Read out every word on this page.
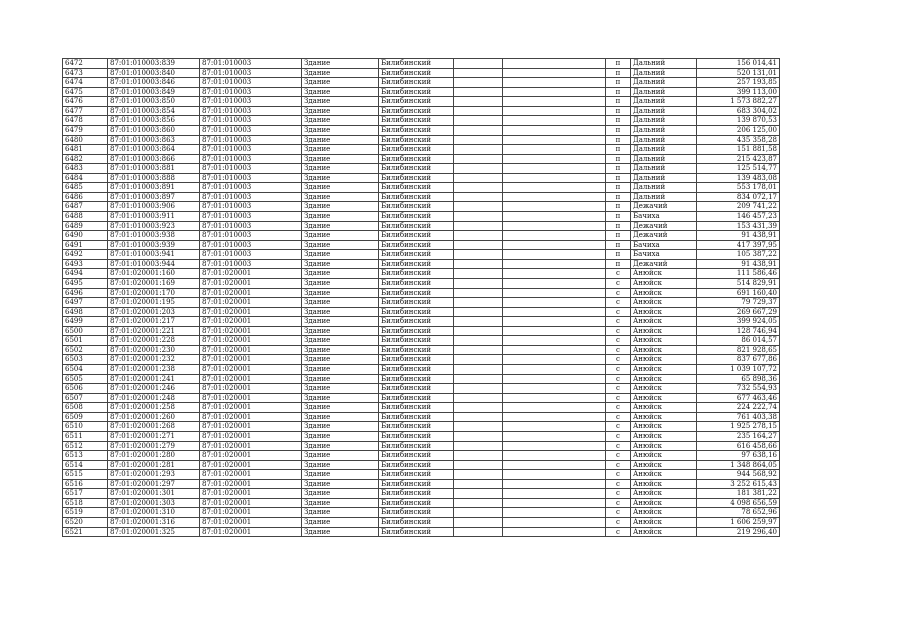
6472	87:01:010003:839	87:01:010003	Здание	Билибинский			п	Дальний	156 014,41
6473	87:01:010003:840	87:01:010003	Здание	Билибинский			п	Дальний	520 131,01
6474	87:01:010003:846	87:01:010003	Здание	Билибинский			п	Дальний	257 193,85
6475	87:01:010003:849	87:01:010003	Здание	Билибинский			п	Дальний	399 113,00
6476	87:01:010003:850	87:01:010003	Здание	Билибинский			п	Дальний	1 573 882,27
6477	87:01:010003:854	87:01:010003	Здание	Билибинский			п	Дальний	683 304,02
6478	87:01:010003:856	87:01:010003	Здание	Билибинский			п	Дальний	139 870,53
6479	87:01:010003:860	87:01:010003	Здание	Билибинский			п	Дальний	206 125,00
6480	87:01:010003:863	87:01:010003	Здание	Билибинский			п	Дальний	435 358,28
6481	87:01:010003:864	87:01:010003	Здание	Билибинский			п	Дальний	151 881,58
6482	87:01:010003:866	87:01:010003	Здание	Билибинский			п	Дальний	215 423,87
6483	87:01:010003:881	87:01:010003	Здание	Билибинский			п	Дальний	125 514,77
6484	87:01:010003:888	87:01:010003	Здание	Билибинский			п	Дальний	139 483,08
6485	87:01:010003:891	87:01:010003	Здание	Билибинский			п	Дальний	553 178,01
6486	87:01:010003:897	87:01:010003	Здание	Билибинский			п	Дальний	834 072,17
6487	87:01:010003:906	87:01:010003	Здание	Билибинский			п	Дежачий	209 741,22
6488	87:01:010003:911	87:01:010003	Здание	Билибинский			п	Бачиха	146 457,23
6489	87:01:010003:923	87:01:010003	Здание	Билибинский			п	Дежачий	153 431,39
6490	87:01:010003:938	87:01:010003	Здание	Билибинский			п	Дежачий	91 438,91
6491	87:01:010003:939	87:01:010003	Здание	Билибинский			п	Бачиха	417 397,95
6492	87:01:010003:941	87:01:010003	Здание	Билибинский			п	Бачиха	105 387,22
6493	87:01:010003:944	87:01:010003	Здание	Билибинский			п	Дежачий	91 438,91
6494	87:01:020001:160	87:01:020001	Здание	Билибинский			с	Анюйск	111 586,46
6495	87:01:020001:169	87:01:020001	Здание	Билибинский			с	Анюйск	514 829,91
6496	87:01:020001:170	87:01:020001	Здание	Билибинский			с	Анюйск	691 160,40
6497	87:01:020001:195	87:01:020001	Здание	Билибинский			с	Анюйск	79 729,37
6498	87:01:020001:203	87:01:020001	Здание	Билибинский			с	Анюйск	269 667,29
6499	87:01:020001:217	87:01:020001	Здание	Билибинский			с	Анюйск	399 924,05
6500	87:01:020001:221	87:01:020001	Здание	Билибинский			с	Анюйск	128 746,94
6501	87:01:020001:228	87:01:020001	Здание	Билибинский			с	Анюйск	86 014,57
6502	87:01:020001:230	87:01:020001	Здание	Билибинский			с	Анюйск	821 928,65
6503	87:01:020001:232	87:01:020001	Здание	Билибинский			с	Анюйск	837 677,86
6504	87:01:020001:238	87:01:020001	Здание	Билибинский			с	Анюйск	1 039 107,72
6505	87:01:020001:241	87:01:020001	Здание	Билибинский			с	Анюйск	65 898,36
6506	87:01:020001:246	87:01:020001	Здание	Билибинский			с	Анюйск	732 554,93
6507	87:01:020001:248	87:01:020001	Здание	Билибинский			с	Анюйск	677 463,46
6508	87:01:020001:258	87:01:020001	Здание	Билибинский			с	Анюйск	224 222,74
6509	87:01:020001:260	87:01:020001	Здание	Билибинский			с	Анюйск	761 403,38
6510	87:01:020001:268	87:01:020001	Здание	Билибинский			с	Анюйск	1 925 278,15
6511	87:01:020001:271	87:01:020001	Здание	Билибинский			с	Анюйск	235 164,27
6512	87:01:020001:279	87:01:020001	Здание	Билибинский			с	Анюйск	616 458,66
6513	87:01:020001:280	87:01:020001	Здание	Билибинский			с	Анюйск	97 638,16
6514	87:01:020001:281	87:01:020001	Здание	Билибинский			с	Анюйск	1 348 864,05
6515	87:01:020001:293	87:01:020001	Здание	Билибинский			с	Анюйск	944 568,92
6516	87:01:020001:297	87:01:020001	Здание	Билибинский			с	Анюйск	3 252 615,43
6517	87:01:020001:301	87:01:020001	Здание	Билибинский			с	Анюйск	181 381,22
6518	87:01:020001:303	87:01:020001	Здание	Билибинский			с	Анюйск	4 098 656,59
6519	87:01:020001:310	87:01:020001	Здание	Билибинский			с	Анюйск	78 652,96
6520	87:01:020001:316	87:01:020001	Здание	Билибинский			с	Анюйск	1 606 259,97
6521	87:01:020001:325	87:01:020001	Здание	Билибинский			с	Анюйск	219 296,40
